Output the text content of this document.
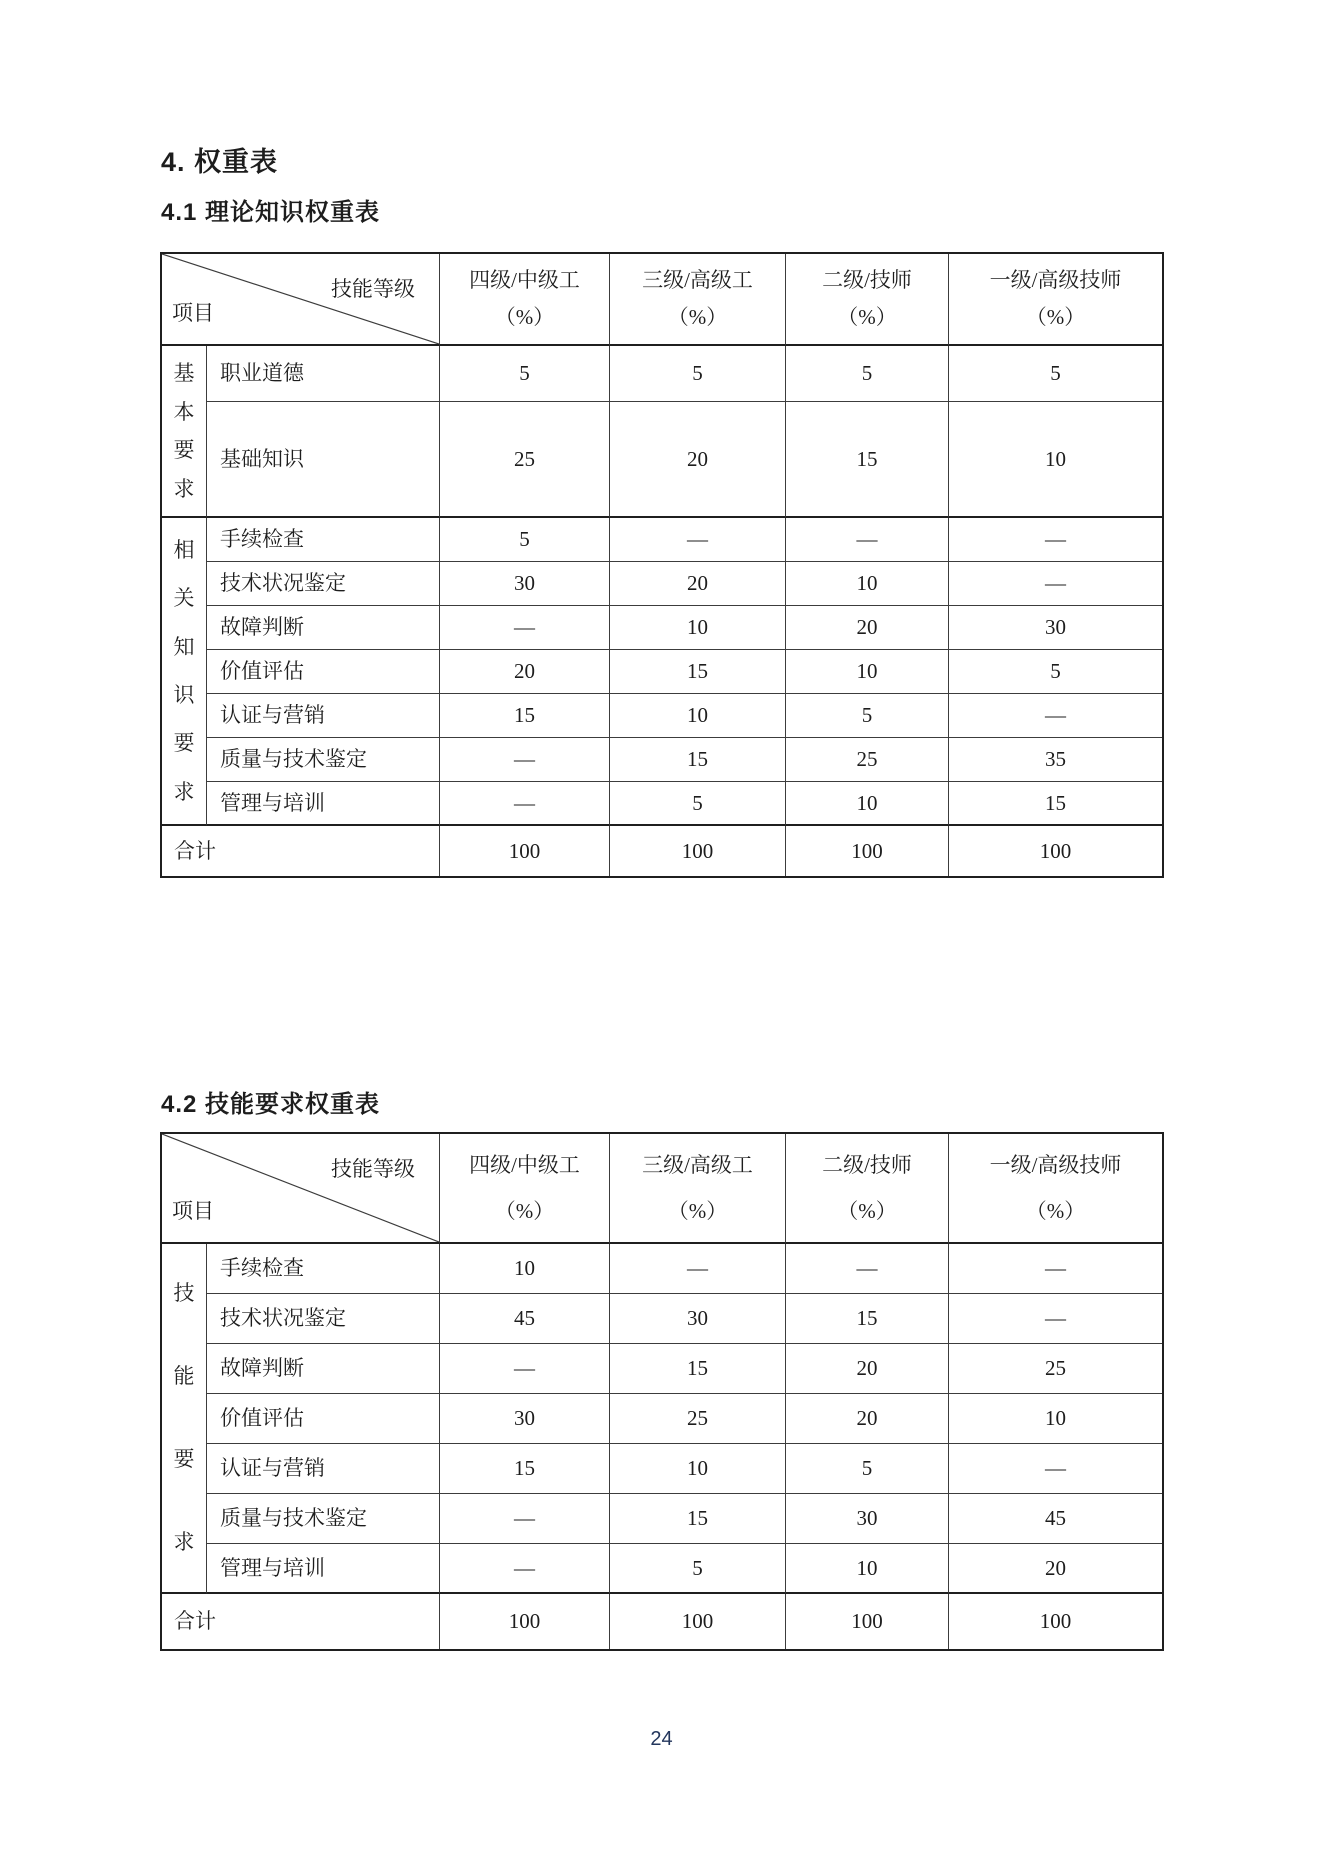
4. 权重表
4.1 理论知识权重表
技能等级
项目
四级/中级工
（%）
三级/高级工
（%）
二级/技师
（%）
一级/高级技师
（%）
基
本
要
求
职业道德	5	5	5	5
基础知识	25	20	15	10
相
关
知
识
要
求
手续检查	5	—	—	—
技术状况鉴定	30	20	10	—
故障判断	—	10	20	30
价值评估	20	15	10	5
认证与营销	15	10	5	—
质量与技术鉴定	—	15	25	35
管理与培训	—	5	10	15
合计	100	100	100	100
4.2 技能要求权重表
技能等级
项目
四级/中级工
（%）
三级/高级工
（%）
二级/技师
（%）
一级/高级技师
（%）
技
能
要
求
手续检查	10	—	—	—
技术状况鉴定	45	30	15	—
故障判断	—	15	20	25
价值评估	30	25	20	10
认证与营销	15	10	5	—
质量与技术鉴定	—	15	30	45
管理与培训	—	5	10	20
合计	100	100	100	100
24
